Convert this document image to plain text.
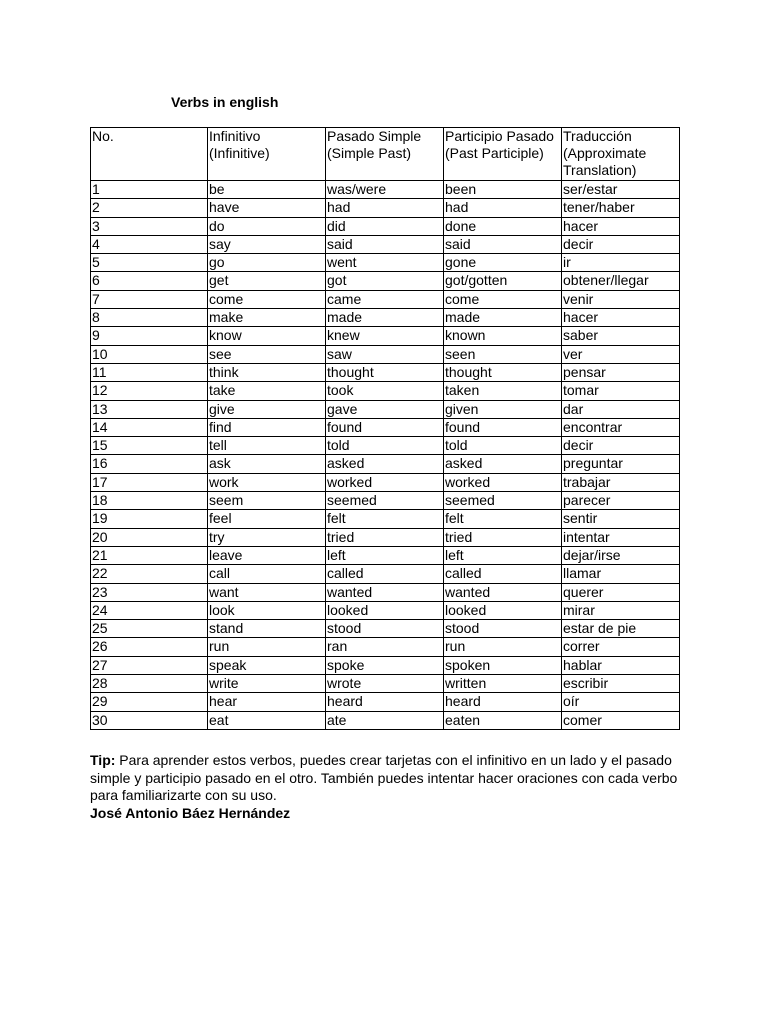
Verbs in english
No.	Infinitivo (Infinitive)	Pasado Simple (Simple Past)	Participio Pasado (Past Participle)	Traducción (Approximate Translation)
1	be	was/were	been	ser/estar
2	have	had	had	tener/haber
3	do	did	done	hacer
4	say	said	said	decir
5	go	went	gone	ir
6	get	got	got/gotten	obtener/llegar
7	come	came	come	venir
8	make	made	made	hacer
9	know	knew	known	saber
10	see	saw	seen	ver
11	think	thought	thought	pensar
12	take	took	taken	tomar
13	give	gave	given	dar
14	find	found	found	encontrar
15	tell	told	told	decir
16	ask	asked	asked	preguntar
17	work	worked	worked	trabajar
18	seem	seemed	seemed	parecer
19	feel	felt	felt	sentir
20	try	tried	tried	intentar
21	leave	left	left	dejar/irse
22	call	called	called	llamar
23	want	wanted	wanted	querer
24	look	looked	looked	mirar
25	stand	stood	stood	estar de pie
26	run	ran	run	correr
27	speak	spoke	spoken	hablar
28	write	wrote	written	escribir
29	hear	heard	heard	oír
30	eat	ate	eaten	comer

Tip: Para aprender estos verbos, puedes crear tarjetas con el infinitivo en un lado y el pasado simple y participio pasado en el otro. También puedes intentar hacer oraciones con cada verbo para familiarizarte con su uso.

José Antonio Báez Hernández
